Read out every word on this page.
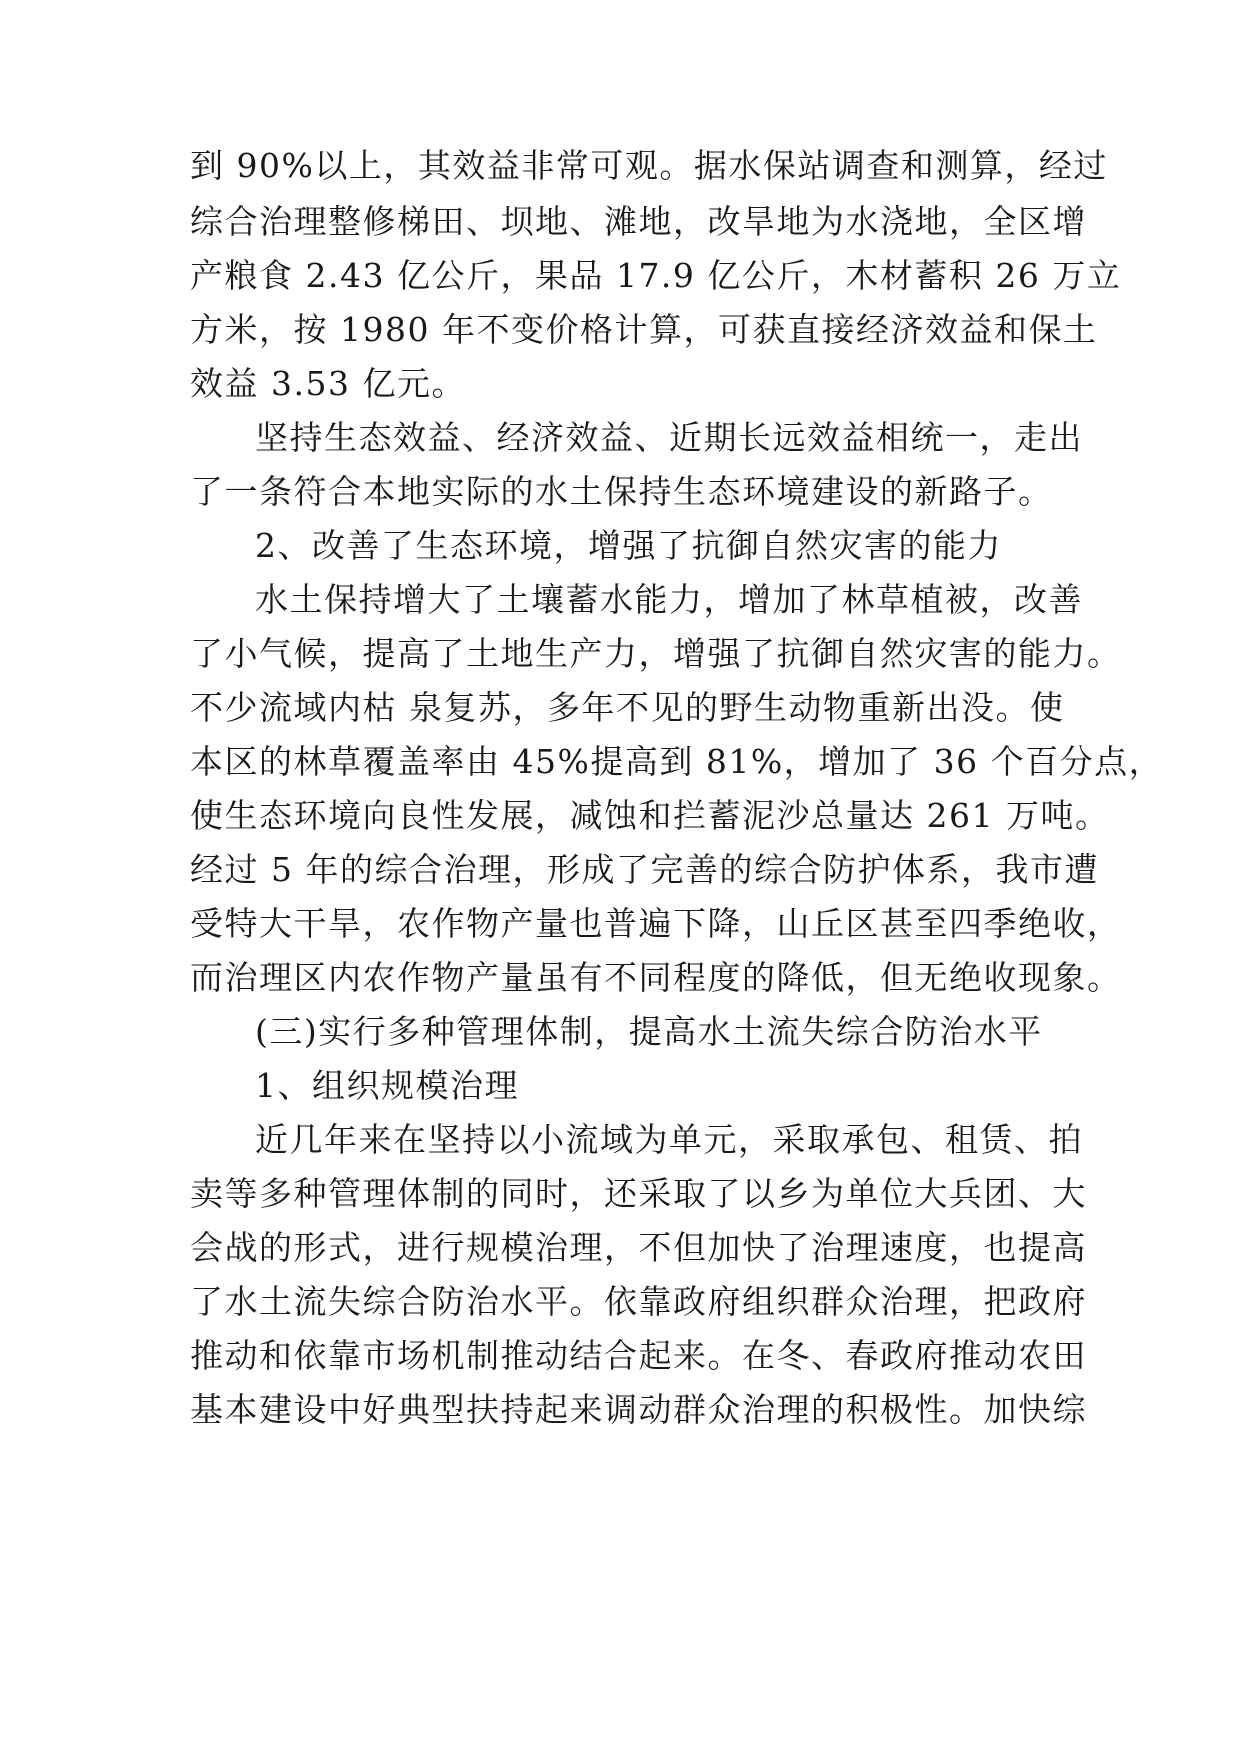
到 90%以上，其效益非常可观。据水保站调查和测算，经过
综合治理整修梯田、坝地、滩地，改旱地为水浇地，全区增
产粮食 2.43 亿公斤，果品 17.9 亿公斤，木材蓄积 26 万立
方米，按 1980 年不变价格计算，可获直接经济效益和保土
效益 3.53 亿元。
坚持生态效益、经济效益、近期长远效益相统一，走出
了一条符合本地实际的水土保持生态环境建设的新路子。
2、改善了生态环境，增强了抗御自然灾害的能力
水土保持增大了土壤蓄水能力，增加了林草植被，改善
了小气候，提高了土地生产力，增强了抗御自然灾害的能力。
不少流域内枯 泉复苏，多年不见的野生动物重新出没。使
本区的林草覆盖率由 45%提高到 81%，增加了 36 个百分点，
使生态环境向良性发展，减蚀和拦蓄泥沙总量达 261 万吨。
经过 5 年的综合治理，形成了完善的综合防护体系，我市遭
受特大干旱，农作物产量也普遍下降，山丘区甚至四季绝收，
而治理区内农作物产量虽有不同程度的降低，但无绝收现象。
(三)实行多种管理体制，提高水土流失综合防治水平
1、组织规模治理
近几年来在坚持以小流域为单元，采取承包、租赁、拍
卖等多种管理体制的同时，还采取了以乡为单位大兵团、大
会战的形式，进行规模治理，不但加快了治理速度，也提高
了水土流失综合防治水平。依靠政府组织群众治理，把政府
推动和依靠市场机制推动结合起来。在冬、春政府推动农田
基本建设中好典型扶持起来调动群众治理的积极性。加快综
